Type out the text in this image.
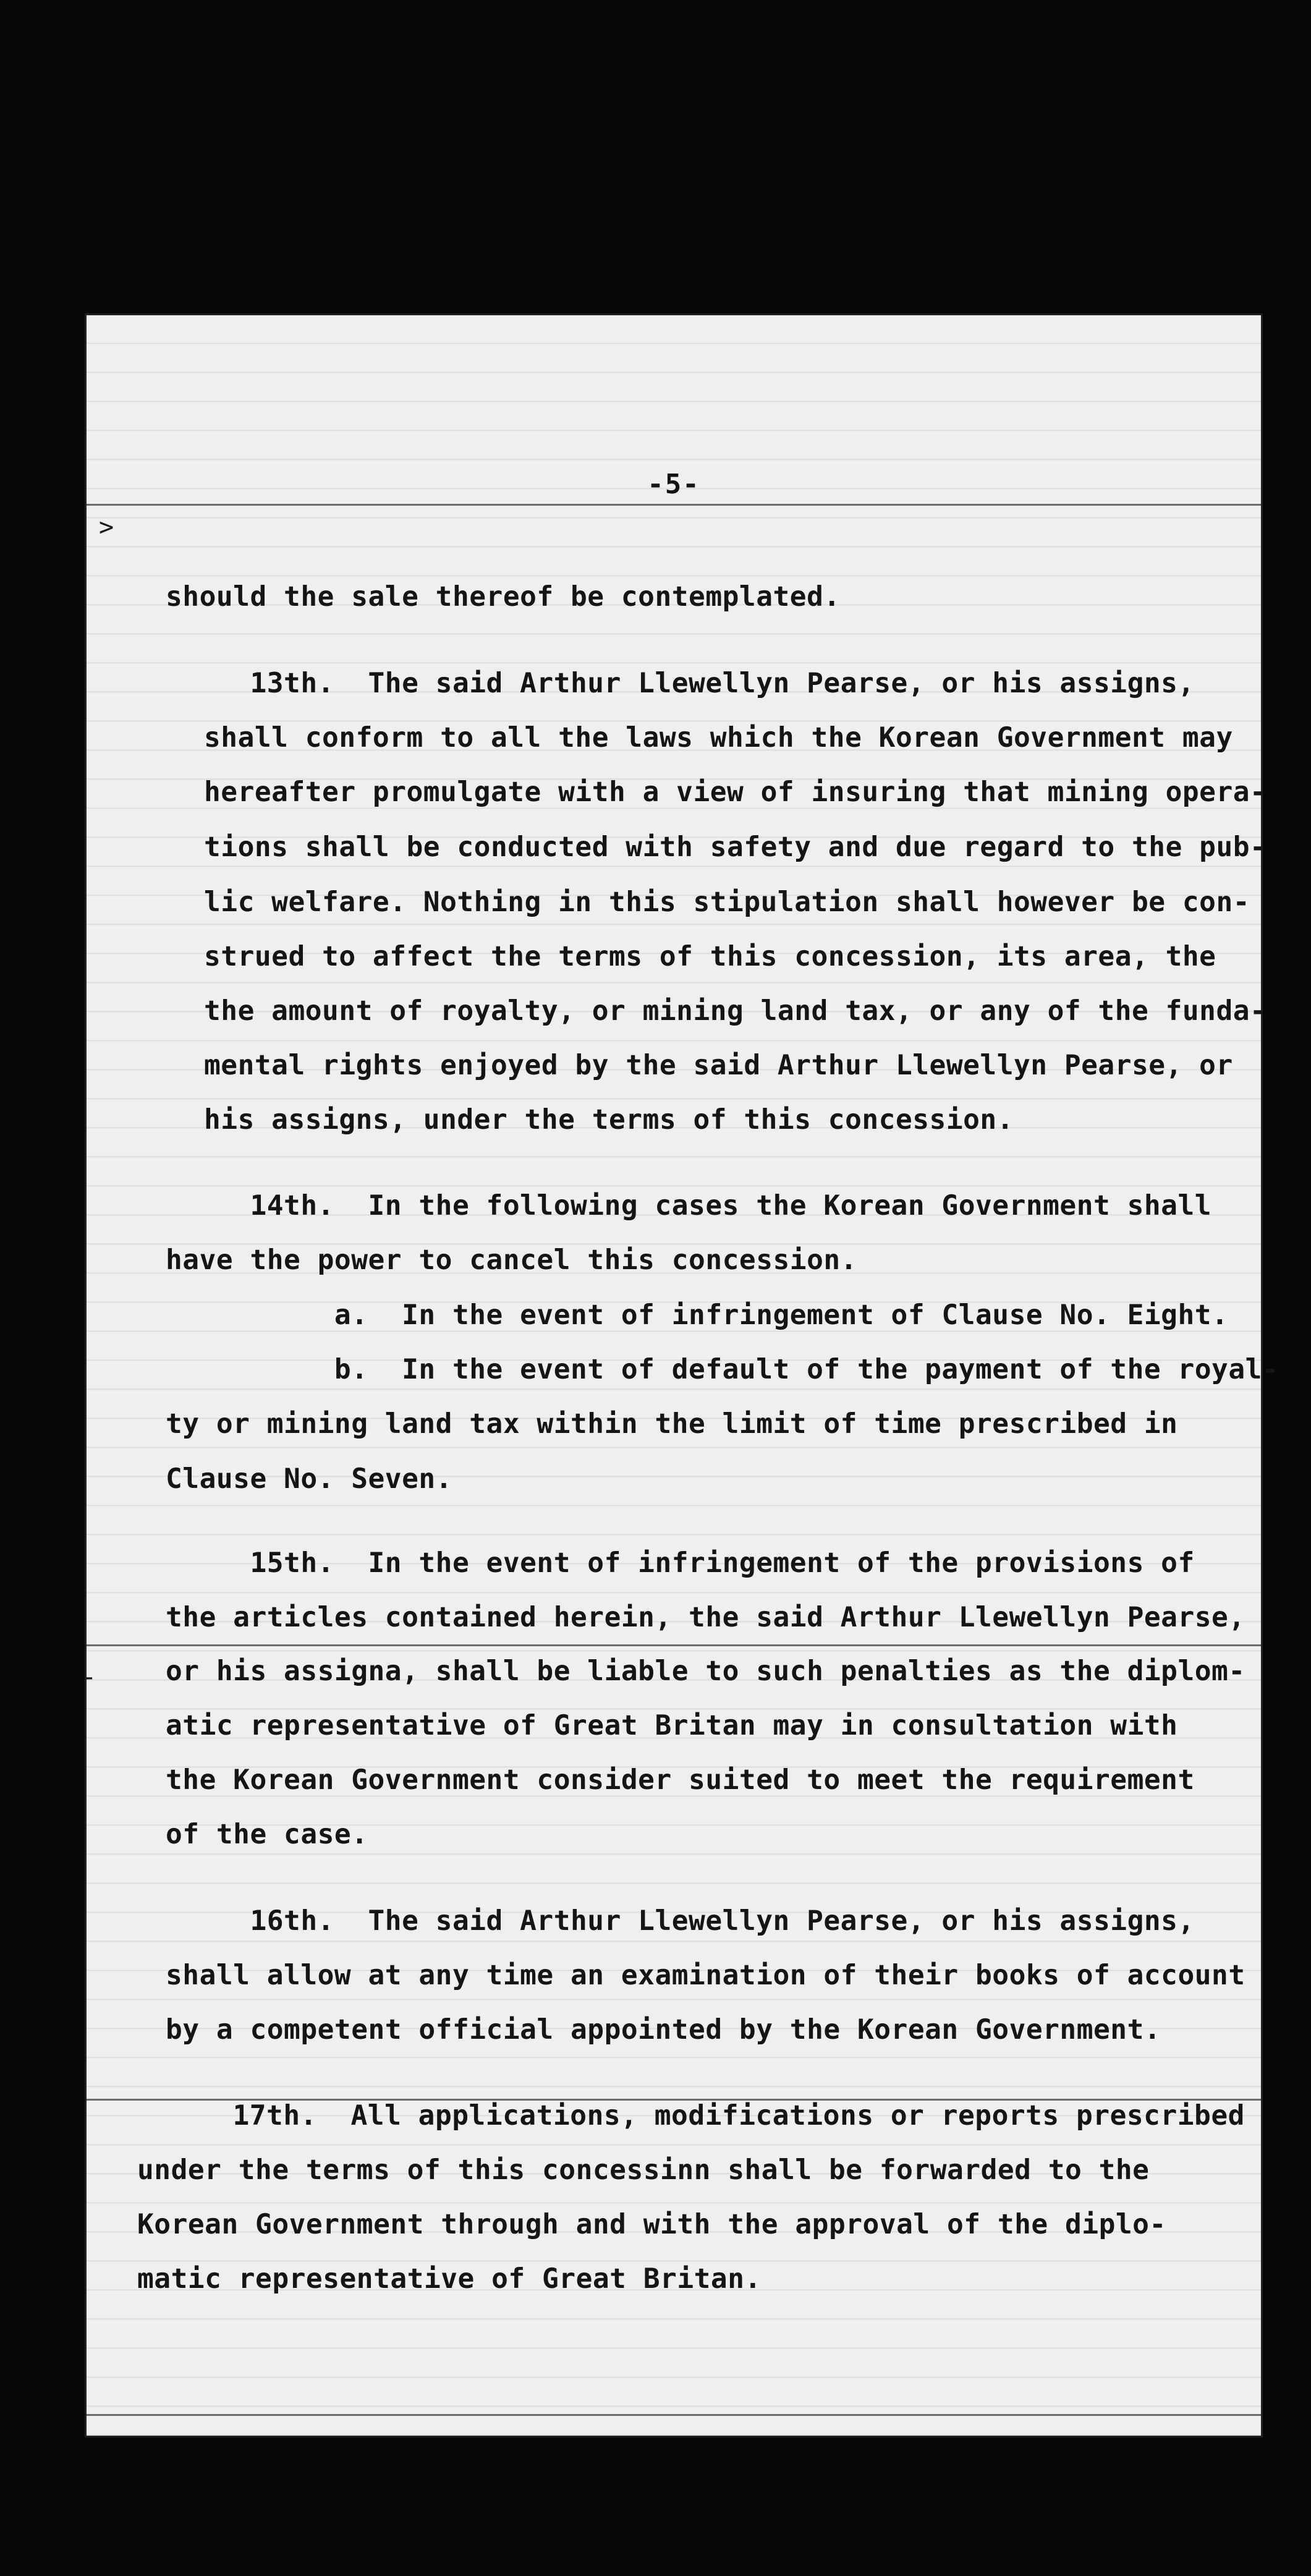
-5-
should the sale thereof be contemplated.
13th.  The said Arthur Llewellyn Pearse, or his assigns,
shall conform to all the laws which the Korean Government may
hereafter promulgate with a view of insuring that mining opera-
tions shall be conducted with safety and due regard to the pub-
lic welfare. Nothing in this stipulation shall however be con-
strued to affect the terms of this concession, its area, the
the amount of royalty, or mining land tax, or any of the funda-
mental rights enjoyed by the said Arthur Llewellyn Pearse, or
his assigns, under the terms of this concession.
14th.  In the following cases the Korean Government shall
have the power to cancel this concession.
a.  In the event of infringement of Clause No. Eight.
b.  In the event of default of the payment of the royal-
ty or mining land tax within the limit of time prescribed in
Clause No. Seven.
15th.  In the event of infringement of the provisions of
the articles contained herein, the said Arthur Llewellyn Pearse,
or his assigna, shall be liable to such penalties as the diplom-
atic representative of Great Britan may in consultation with
the Korean Government consider suited to meet the requirement
of the case.
16th.  The said Arthur Llewellyn Pearse, or his assigns,
shall allow at any time an examination of their books of account
by a competent official appointed by the Korean Government.
17th.  All applications, modifications or reports prescribed
under the terms of this concessinn shall be forwarded to the
Korean Government through and with the approval of the diplo-
matic representative of Great Britan.
>
-
